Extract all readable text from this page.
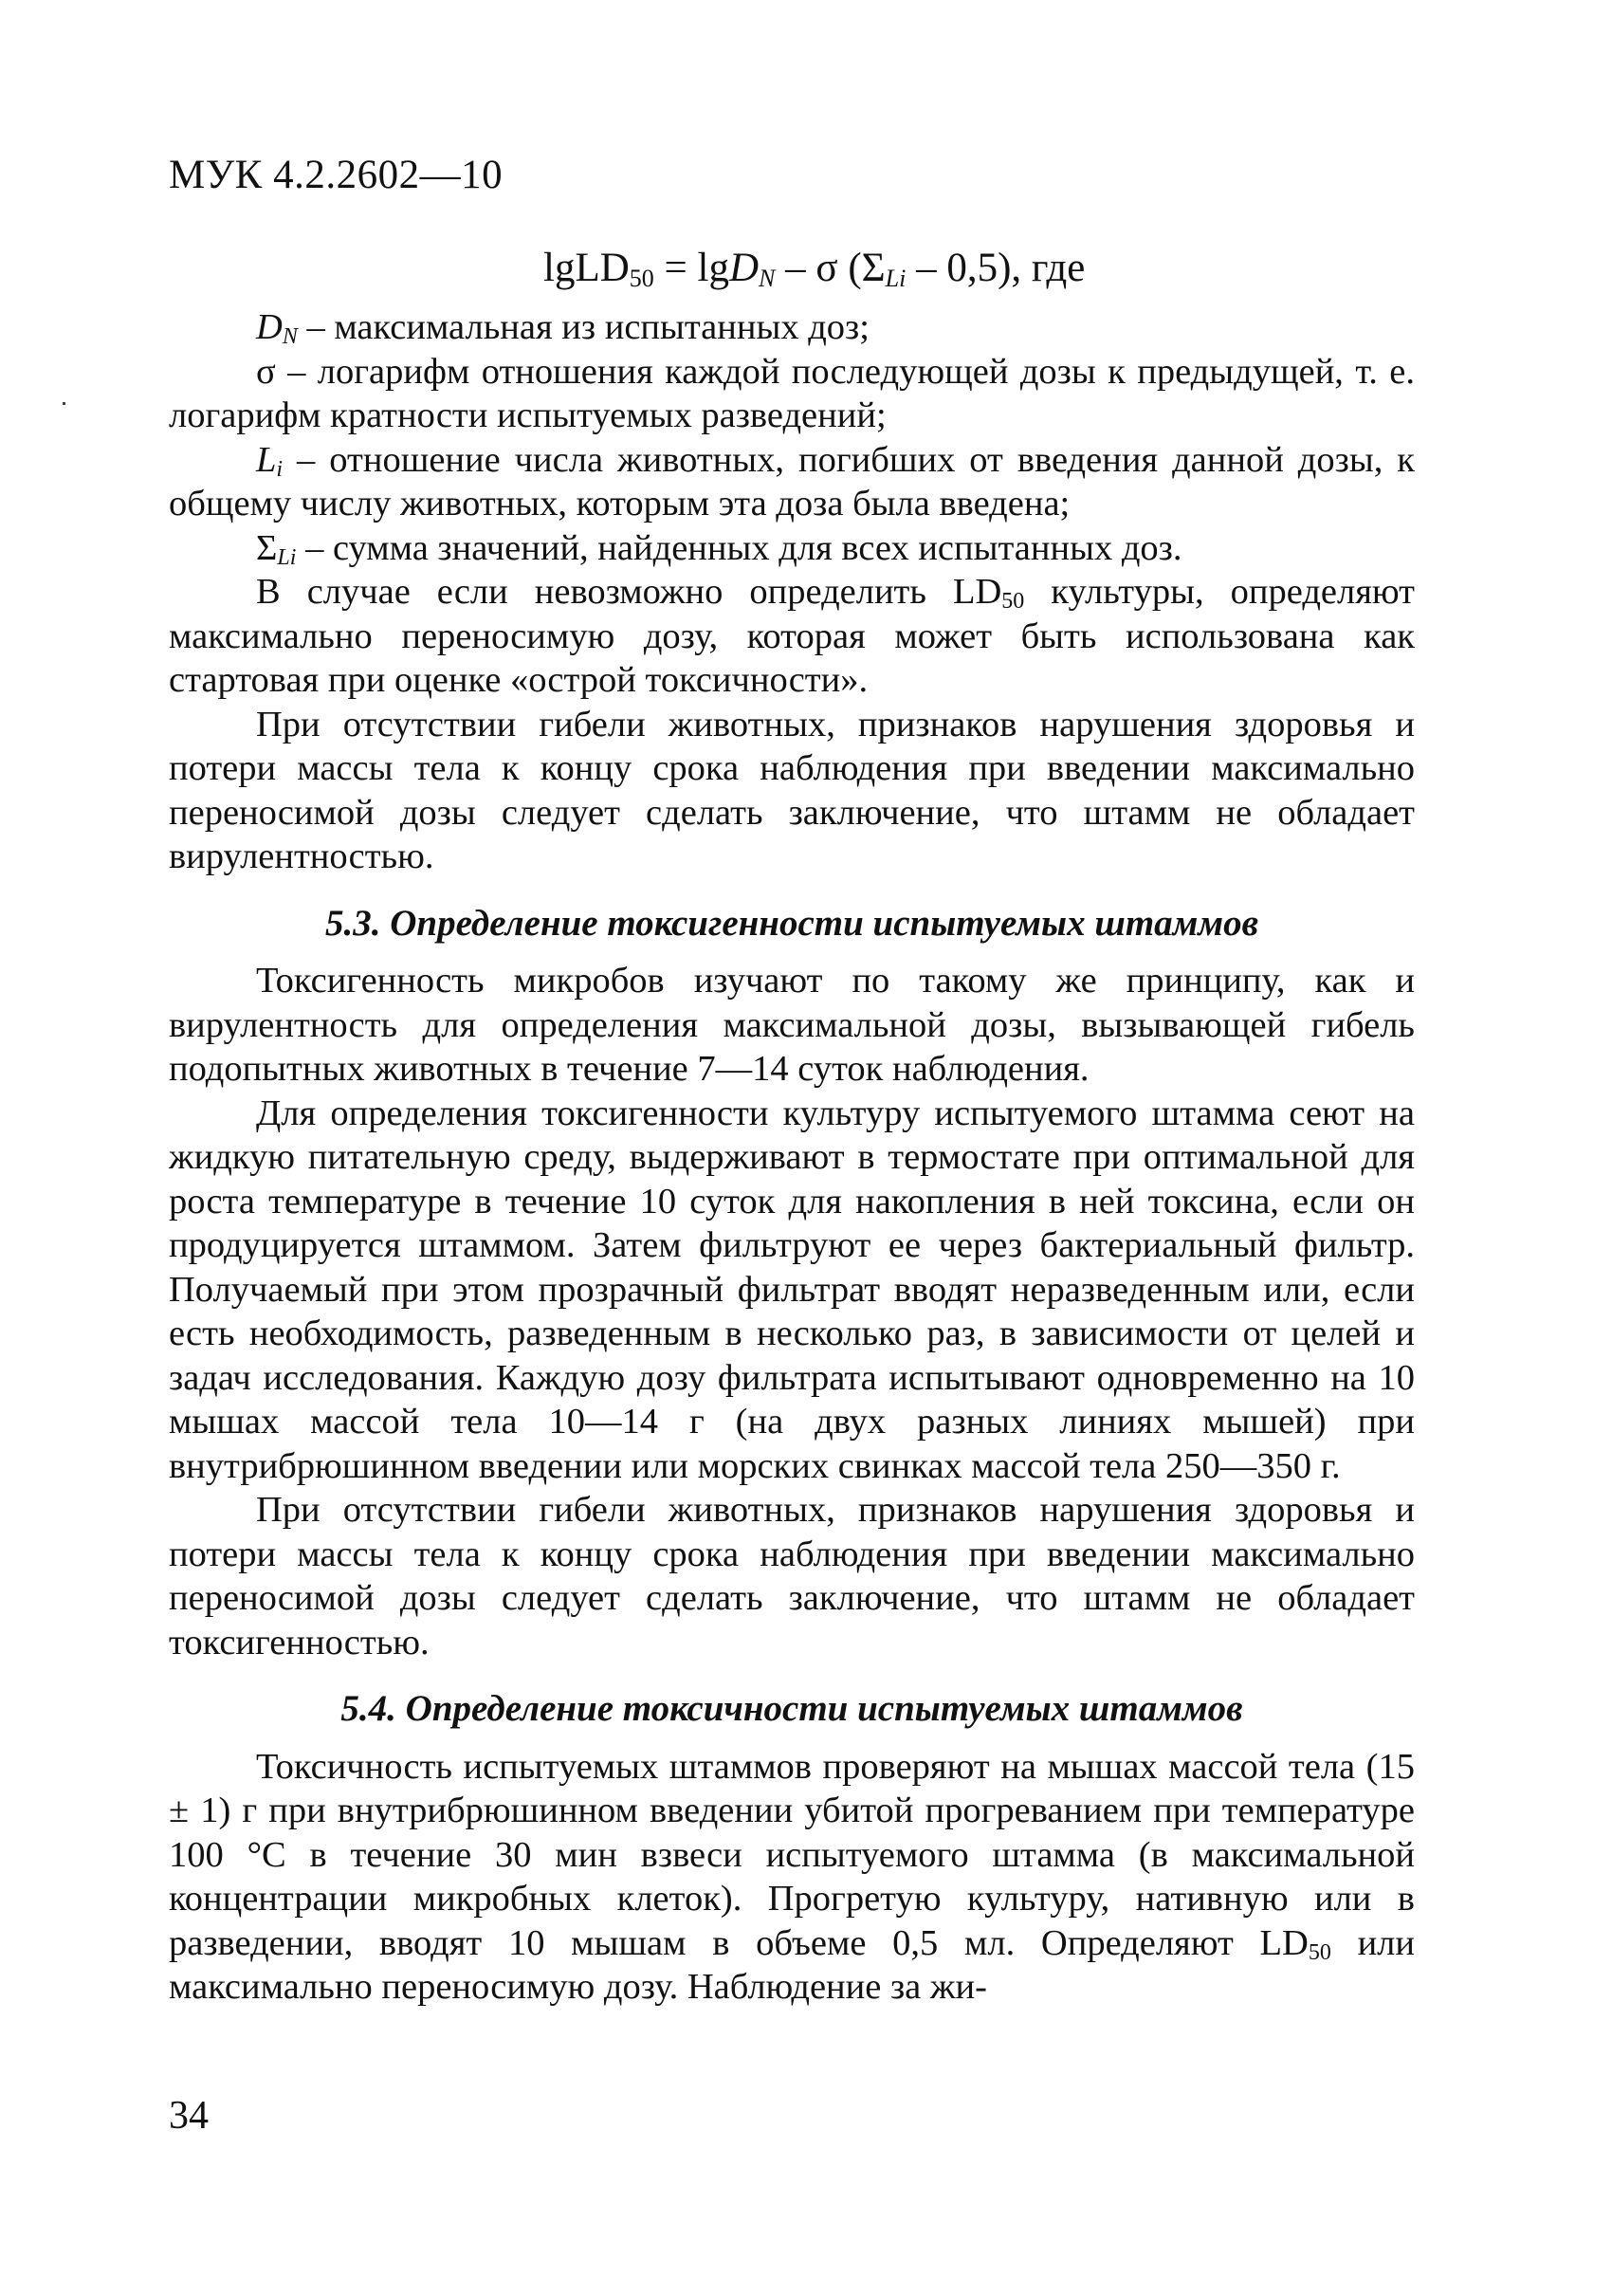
МУК 4.2.2602—10
lgLD$_{50}$ = lgD$_N$ – σ $(\Sigma_{Li} - 0,5)$, где

$D_N$ – максимальная из испытанных доз;

σ – логарифм отношения каждой последующей дозы к предыдущей, т. е. логарифм кратности испытуемых разведений;

$L_i$ – отношение числа животных, погибших от введения данной дозы, к общему числу животных, которым эта доза была введена;

$\Sigma_{Li}$ – сумма значений, найденных для всех испытанных доз.

В случае если невозможно определить $LD_{50}$ культуры, определяют максимально переносимую дозу, которая может быть использована как стартовая при оценке «острой токсичности».

При отсутствии гибели животных, признаков нарушения здоровья и потери массы тела к концу срока наблюдения при введении максимально переносимой дозы следует сделать заключение, что штамм не обладает вирулентностью.

5.3. Определение токсигенности испытуемых штаммов

Токсигенность микробов изучают по такому же принципу, как и вирулентность для определения максимальной дозы, вызывающей гибель подопытных животных в течение 7—14 суток наблюдения.

Для определения токсигенности культуру испытуемого штамма сеют на жидкую питательную среду, выдерживают в термостате при оптимальной для роста температуре в течение 10 суток для накопления в ней токсина, если он продуцируется штаммом. Затем фильтруют ее через бактериальный фильтр. Получаемый при этом прозрачный фильтрат вводят неразведенным или, если есть необходимость, разведенным в несколько раз, в зависимости от целей и задач исследования. Каждую дозу фильтрата испытывают одновременно на 10 мышах массой тела 10—14 г (на двух разных линиях мышей) при внутрибрюшинном введении или морских свинках массой тела 250—350 г.

При отсутствии гибели животных, признаков нарушения здоровья и потери массы тела к концу срока наблюдения при введении максимально переносимой дозы следует сделать заключение, что штамм не обладает токсигенностью.

5.4. Определение токсичности испытуемых штаммов

Токсичность испытуемых штаммов проверяют на мышах массой тела (15 ± 1) г при внутрибрюшинном введении убитой прогреванием при температуре 100 °С в течение 30 мин взвеси испытуемого штамма (в максимальной концентрации микробных клеток). Прогретую культуру, нативную или в разведении, вводят 10 мышам в объеме 0,5 мл. Определяют $LD_{50}$ или максимально переносимую дозу. Наблюдение за жи-

34
